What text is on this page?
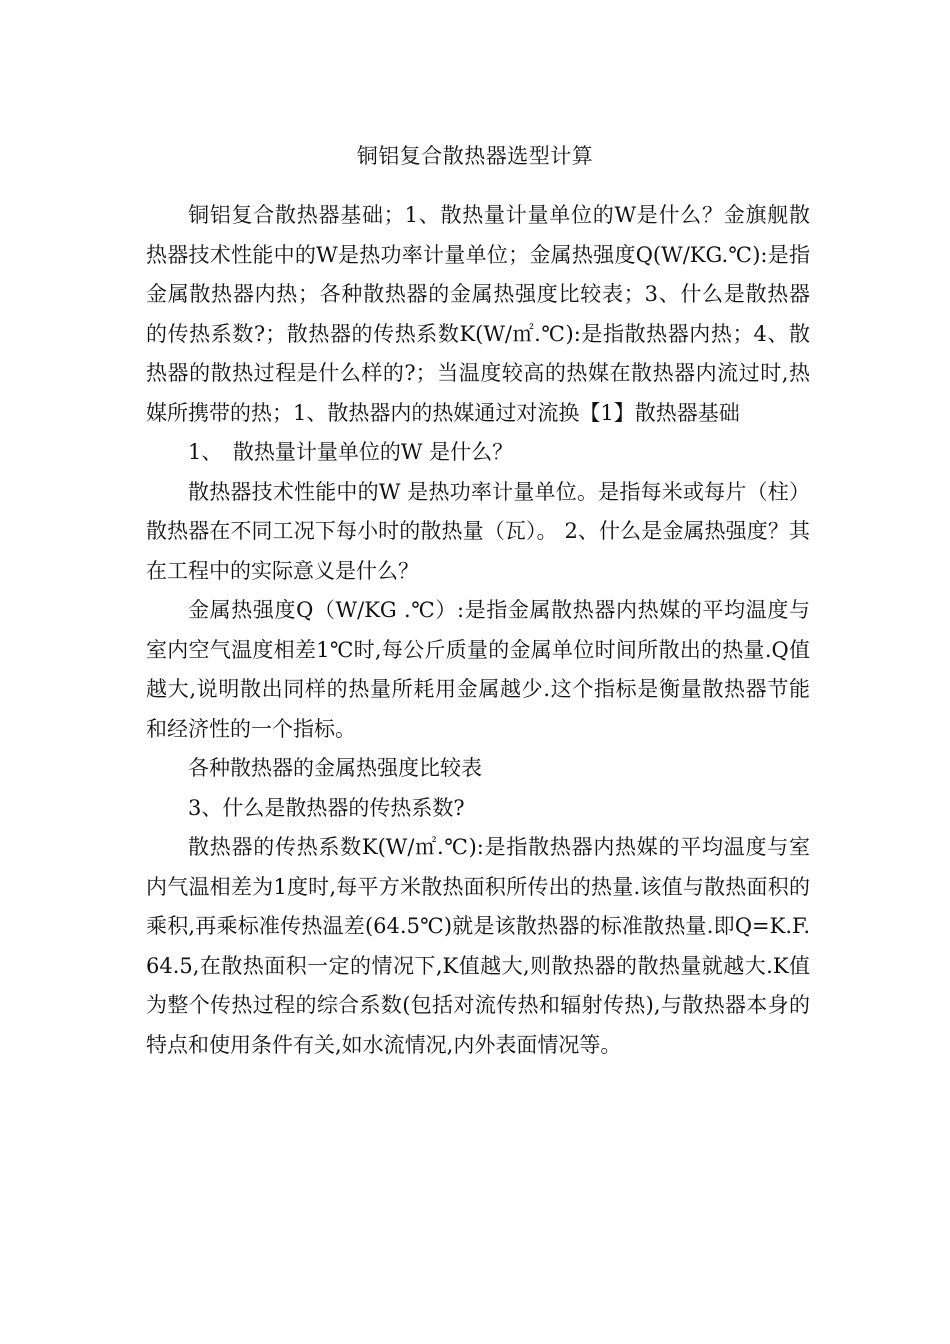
铜铝复合散热器选型计算

铜铝复合散热器基础；1、散热量计量单位的W是什么？金旗舰散热器技术性能中的W是热功率计量单位；金属热强度Q(W/KG.℃):是指金属散热器内热；各种散热器的金属热强度比较表；3、什么是散热器的传热系数?；散热器的传热系数K(W/㎡.℃):是指散热器内热；4、散热器的散热过程是什么样的?；当温度较高的热媒在散热器内流过时,热媒所携带的热；1、散热器内的热媒通过对流换【1】散热器基础

1、　散热量计量单位的W 是什么？

散热器技术性能中的W 是热功率计量单位。是指每米或每片（柱）散热器在不同工况下每小时的散热量（瓦）。 2、什么是金属热强度？其在工程中的实际意义是什么？

金属热强度Q（W/KG .℃）:是指金属散热器内热媒的平均温度与室内空气温度相差1℃时,每公斤质量的金属单位时间所散出的热量.Q值越大,说明散出同样的热量所耗用金属越少.这个指标是衡量散热器节能和经济性的一个指标。

各种散热器的金属热强度比较表

3、什么是散热器的传热系数?

散热器的传热系数K(W/㎡.℃):是指散热器内热媒的平均温度与室内气温相差为1度时,每平方米散热面积所传出的热量.该值与散热面积的乘积,再乘标准传热温差(64.5℃)就是该散热器的标准散热量.即Q=K.F.64.5,在散热面积一定的情况下,K值越大,则散热器的散热量就越大.K值为整个传热过程的综合系数(包括对流传热和辐射传热),与散热器本身的特点和使用条件有关,如水流情况,内外表面情况等。
